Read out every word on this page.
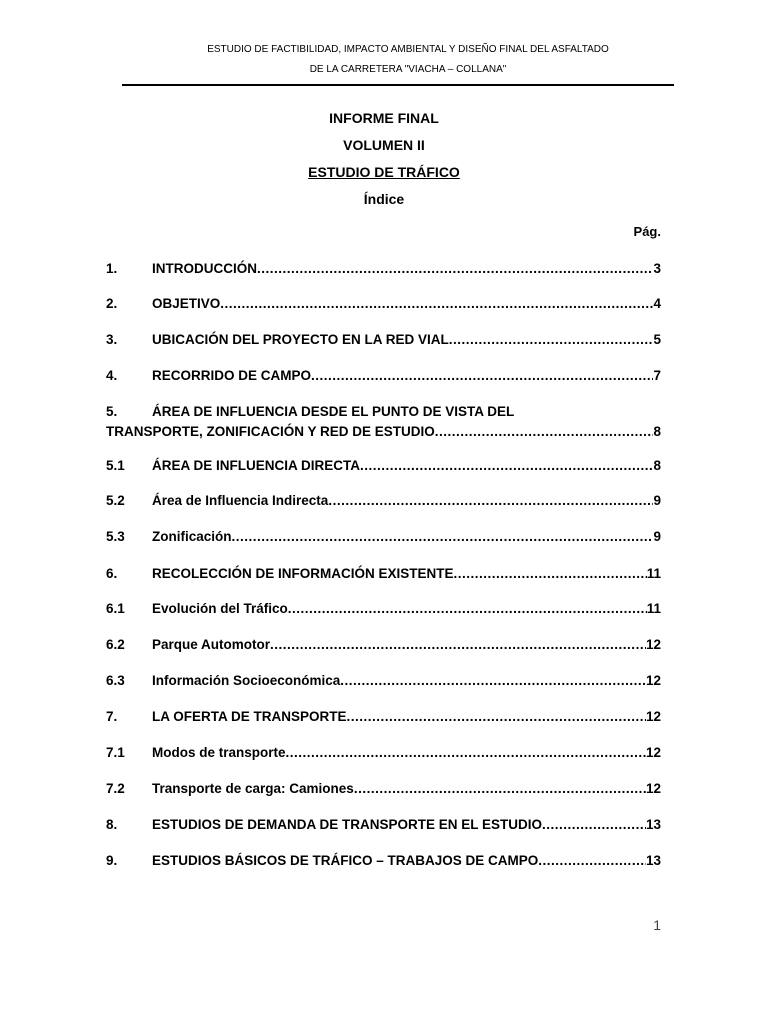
ESTUDIO DE FACTIBILIDAD, IMPACTO AMBIENTAL Y DISEÑO FINAL DEL ASFALTADO
DE LA CARRETERA "VIACHA – COLLANA"
INFORME FINAL
VOLUMEN II
ESTUDIO DE TRÁFICO
Índice
Pág.
1.	INTRODUCCIÓN .....	3
2.	OBJETIVO .....	4
3.	UBICACIÓN DEL PROYECTO EN LA RED VIAL .....	5
4.	RECORRIDO DE CAMPO .....	7
5.	ÁREA DE INFLUENCIA DESDE EL PUNTO DE VISTA DEL
TRANSPORTE, ZONIFICACIÓN Y RED DE ESTUDIO .....	8
5.1 ÁREA DE INFLUENCIA DIRECTA .....	8
5.2 Área de Influencia Indirecta .....	9
5.3 Zonificación .....	9
6.	RECOLECCIÓN DE INFORMACIÓN EXISTENTE .....	11
6.1 Evolución del Tráfico .....	11
6.2 Parque Automotor .....	12
6.3 Información Socioeconómica .....	12
7.	LA OFERTA DE TRANSPORTE .....	12
7.1 Modos de transporte .....	12
7.2 Transporte de carga: Camiones .....	12
8.	ESTUDIOS DE DEMANDA DE TRANSPORTE EN EL ESTUDIO .....	13
9.	ESTUDIOS BÁSICOS DE TRÁFICO – TRABAJOS DE CAMPO .....	13
1
